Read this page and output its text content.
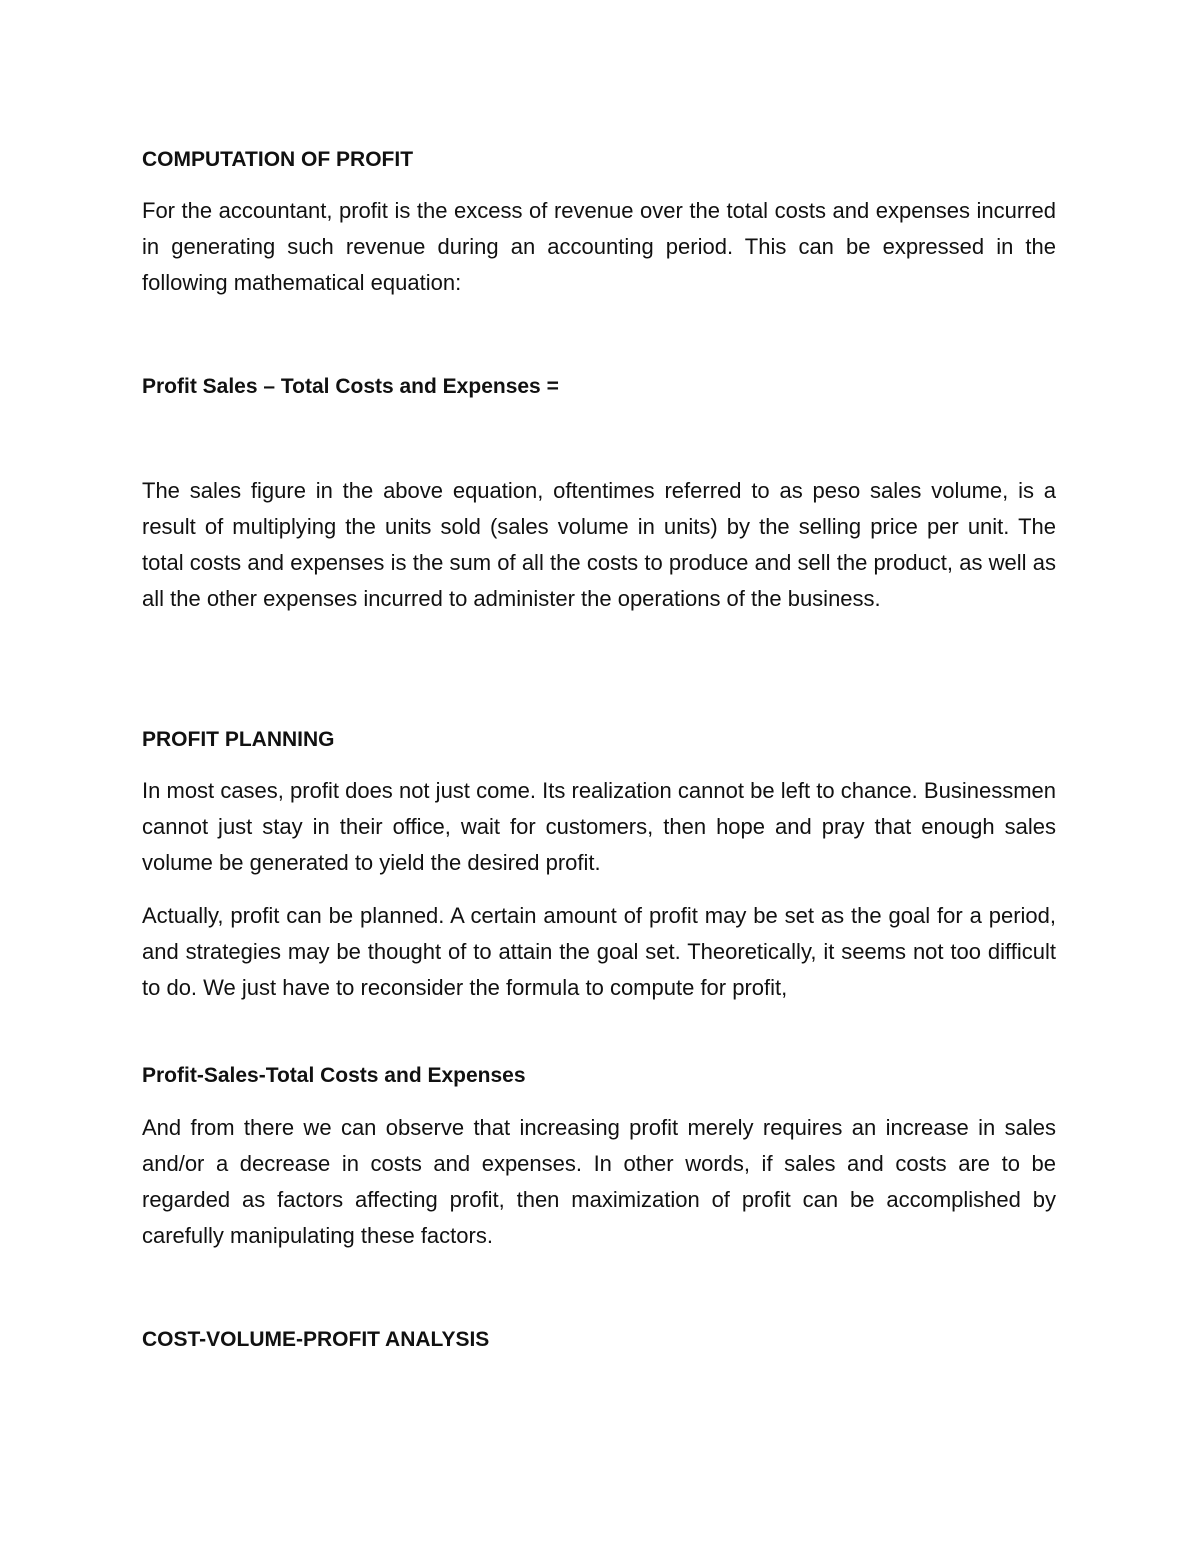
COMPUTATION OF PROFIT

For the accountant, profit is the excess of revenue over the total costs and expenses incurred in generating such revenue during an accounting period. This can be expressed in the following mathematical equation:

Profit Sales – Total Costs and Expenses =

The sales figure in the above equation, oftentimes referred to as peso sales volume, is a result of multiplying the units sold (sales volume in units) by the selling price per unit. The total costs and expenses is the sum of all the costs to produce and sell the product, as well as all the other expenses incurred to administer the operations of the business.

PROFIT PLANNING

In most cases, profit does not just come. Its realization cannot be left to chance. Businessmen cannot just stay in their office, wait for customers, then hope and pray that enough sales volume be generated to yield the desired profit.

Actually, profit can be planned. A certain amount of profit may be set as the goal for a period, and strategies may be thought of to attain the goal set. Theoretically, it seems not too difficult to do. We just have to reconsider the formula to compute for profit,

Profit-Sales-Total Costs and Expenses

And from there we can observe that increasing profit merely requires an increase in sales and/or a decrease in costs and expenses. In other words, if sales and costs are to be regarded as factors affecting profit, then maximization of profit can be accomplished by carefully manipulating these factors.

COST-VOLUME-PROFIT ANALYSIS
